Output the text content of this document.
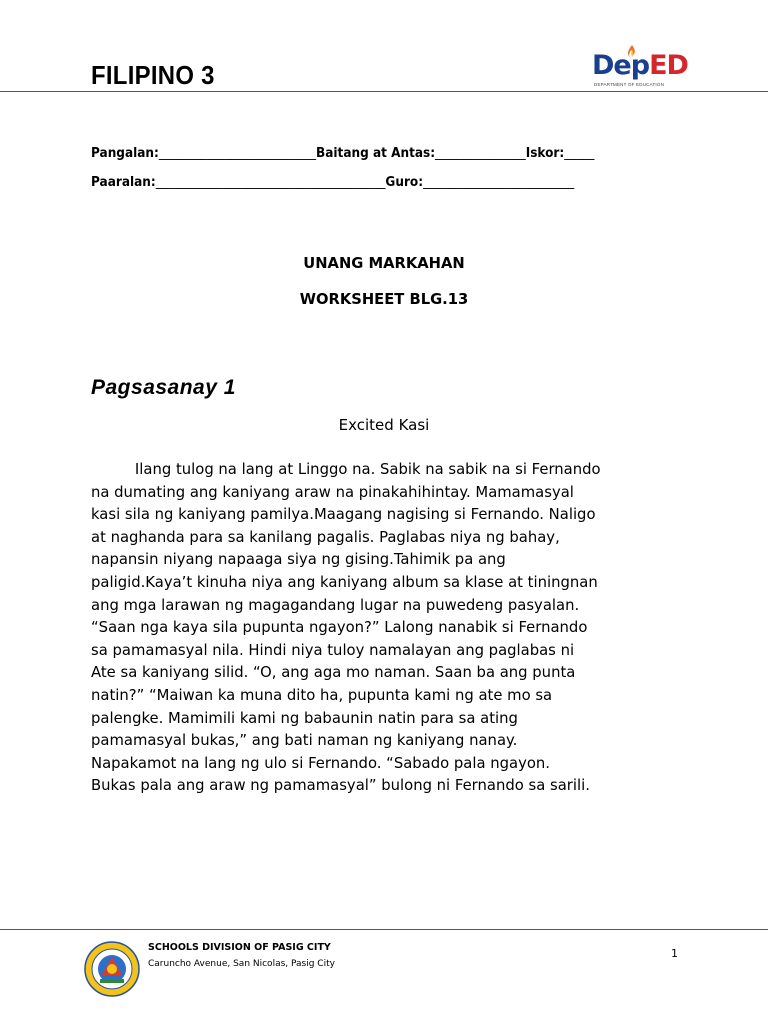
FILIPINO 3	DepED
DEPARTMENT OF EDUCATION
Pangalan:__________________________Baitang at Antas:_______________Iskor:_____
Paaralan:______________________________________Guro:_________________________
UNANG MARKAHAN
WORKSHEET BLG.13
Pagsasanay 1
Excited Kasi
Ilang tulog na lang at Linggo na. Sabik na sabik na si Fernando
na dumating ang kaniyang araw na pinakahihintay. Mamamasyal
kasi sila ng kaniyang pamilya.Maagang nagising si Fernando. Naligo
at naghanda para sa kanilang pagalis. Paglabas niya ng bahay,
napansin niyang napaaga siya ng gising.Tahimik pa ang
paligid.Kaya’t kinuha niya ang kaniyang album sa klase at tiningnan
ang mga larawan ng magagandang lugar na puwedeng pasyalan.
“Saan nga kaya sila pupunta ngayon?” Lalong nanabik si Fernando
sa pamamasyal nila. Hindi niya tuloy namalayan ang paglabas ni
Ate sa kaniyang silid. “O, ang aga mo naman. Saan ba ang punta
natin?” “Maiwan ka muna dito ha, pupunta kami ng ate mo sa
palengke. Mamimili kami ng babaunin natin para sa ating
pamamasyal bukas,” ang bati naman ng kaniyang nanay.
Napakamot na lang ng ulo si Fernando. “Sabado pala ngayon.
Bukas pala ang araw ng pamamasyal” bulong ni Fernando sa sarili.
SCHOOLS DIVISION OF PASIG CITY
Caruncho Avenue, San Nicolas, Pasig City
1
